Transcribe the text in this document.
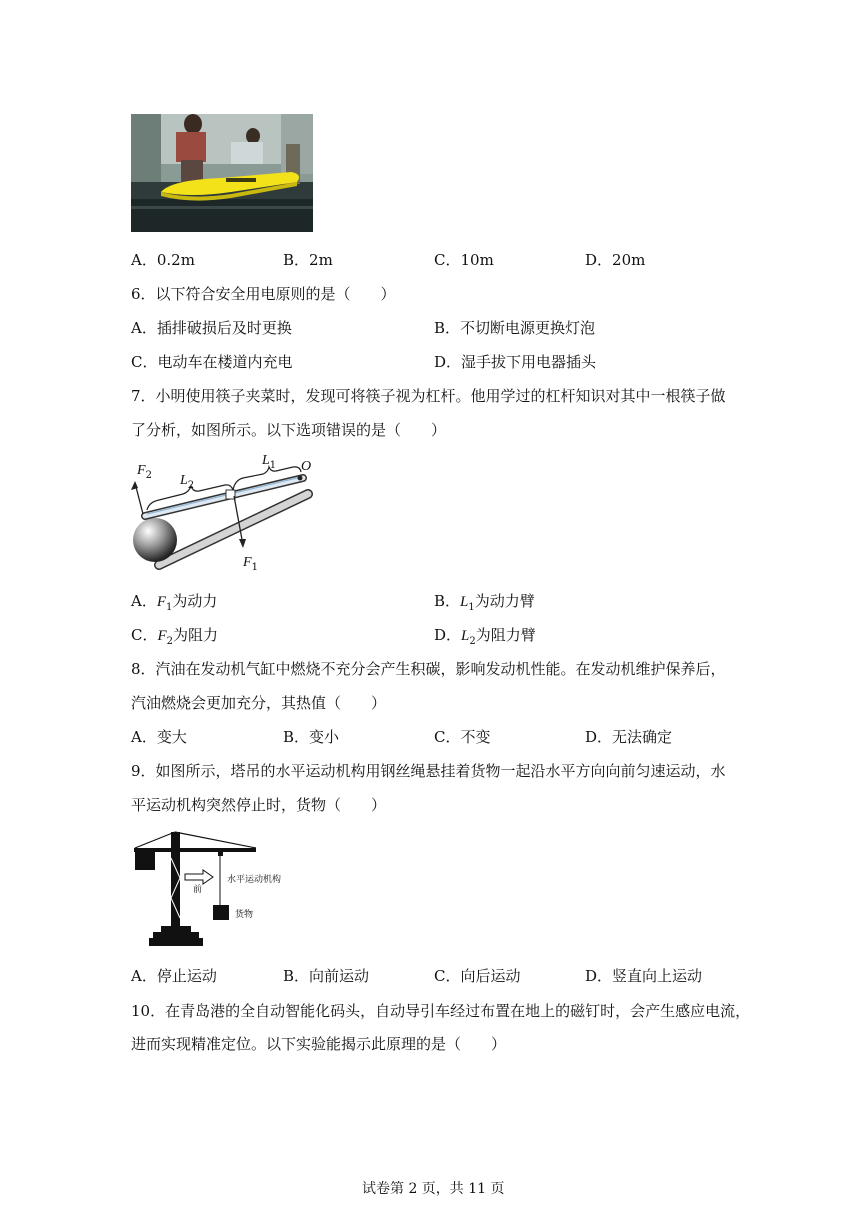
A．0.2m	B．2m	C．10m	D．20m
6．以下符合安全用电原则的是（　　）
A．插排破损后及时更换	B．不切断电源更换灯泡
C．电动车在楼道内充电	D．湿手拔下用电器插头
7．小明使用筷子夹菜时，发现可将筷子视为杠杆。他用学过的杠杆知识对其中一根筷子做
了分析，如图所示。以下选项错误的是（　　）
$F_2$ $L_2$
$L_1$ O
$F_1$
A．$F_1$为动力	B．$L_1$为动力臂
C．$F_2$为阻力	D．$L_2$为阻力臂
8．汽油在发动机气缸中燃烧不充分会产生积碳，影响发动机性能。在发动机维护保养后，
汽油燃烧会更加充分，其热值（　　）
A．变大	B．变小	C．不变	D．无法确定
9．如图所示，塔吊的水平运动机构用钢丝绳悬挂着货物一起沿水平方向向前匀速运动，水
平运动机构突然停止时，货物（　　）
前
水平运动机构
货物
A．停止运动	B．向前运动	C．向后运动	D．竖直向上运动
10．在青岛港的全自动智能化码头，自动导引车经过布置在地上的磁钉时，会产生感应电流，
进而实现精准定位。以下实验能揭示此原理的是（　　）
试卷第 2 页，共 11 页
